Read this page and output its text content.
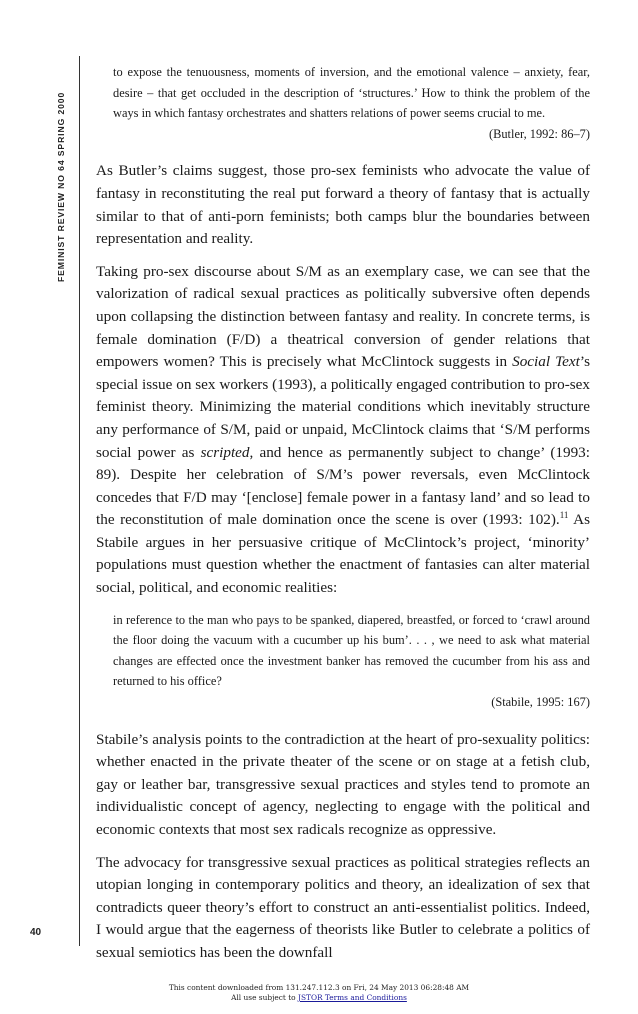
FEMINIST REVIEW NO 64 SPRING 2000
40

to expose the tenuousness, moments of inversion, and the emotional valence – anxiety, fear, desire – that get occluded in the description of ‘structures.’ How to think the problem of the ways in which fantasy orchestrates and shatters relations of power seems crucial to me.

(Butler, 1992: 86–7)

As Butler’s claims suggest, those pro-sex feminists who advocate the value of fantasy in reconstituting the real put forward a theory of fantasy that is actually similar to that of anti-porn feminists; both camps blur the boundaries between representation and reality.

Taking pro-sex discourse about S/M as an exemplary case, we can see that the valorization of radical sexual practices as politically subversive often depends upon collapsing the distinction between fantasy and reality. In concrete terms, is female domination (F/D) a theatrical conversion of gender relations that empowers women? This is precisely what McClintock suggests in Social Text’s special issue on sex workers (1993), a politically engaged contribution to pro-sex feminist theory. Minimizing the material conditions which inevitably structure any performance of S/M, paid or unpaid, McClintock claims that ‘S/M performs social power as scripted, and hence as permanently subject to change’ (1993: 89). Despite her celebration of S/M’s power reversals, even McClintock concedes that F/D may ‘[enclose] female power in a fantasy land’ and so lead to the reconstitution of male domination once the scene is over (1993: 102).$^{11}$ As Stabile argues in her persuasive critique of McClintock’s project, ‘minority’ populations must question whether the enactment of fantasies can alter material social, political, and economic realities:

in reference to the man who pays to be spanked, diapered, breastfed, or forced to ‘crawl around the floor doing the vacuum with a cucumber up his bum’. . . , we need to ask what material changes are effected once the investment banker has removed the cucumber from his ass and returned to his office?

(Stabile, 1995: 167)

Stabile’s analysis points to the contradiction at the heart of pro-sexuality politics: whether enacted in the private theater of the scene or on stage at a fetish club, gay or leather bar, transgressive sexual practices and styles tend to promote an individualistic concept of agency, neglecting to engage with the political and economic contexts that most sex radicals recognize as oppressive.

The advocacy for transgressive sexual practices as political strategies reflects an utopian longing in contemporary politics and theory, an idealization of sex that contradicts queer theory’s effort to construct an anti-essentialist politics. Indeed, I would argue that the eagerness of theorists like Butler to celebrate a politics of sexual semiotics has been the downfall

This content downloaded from 131.247.112.3 on Fri, 24 May 2013 06:28:48 AM
All use subject to JSTOR Terms and Conditions
